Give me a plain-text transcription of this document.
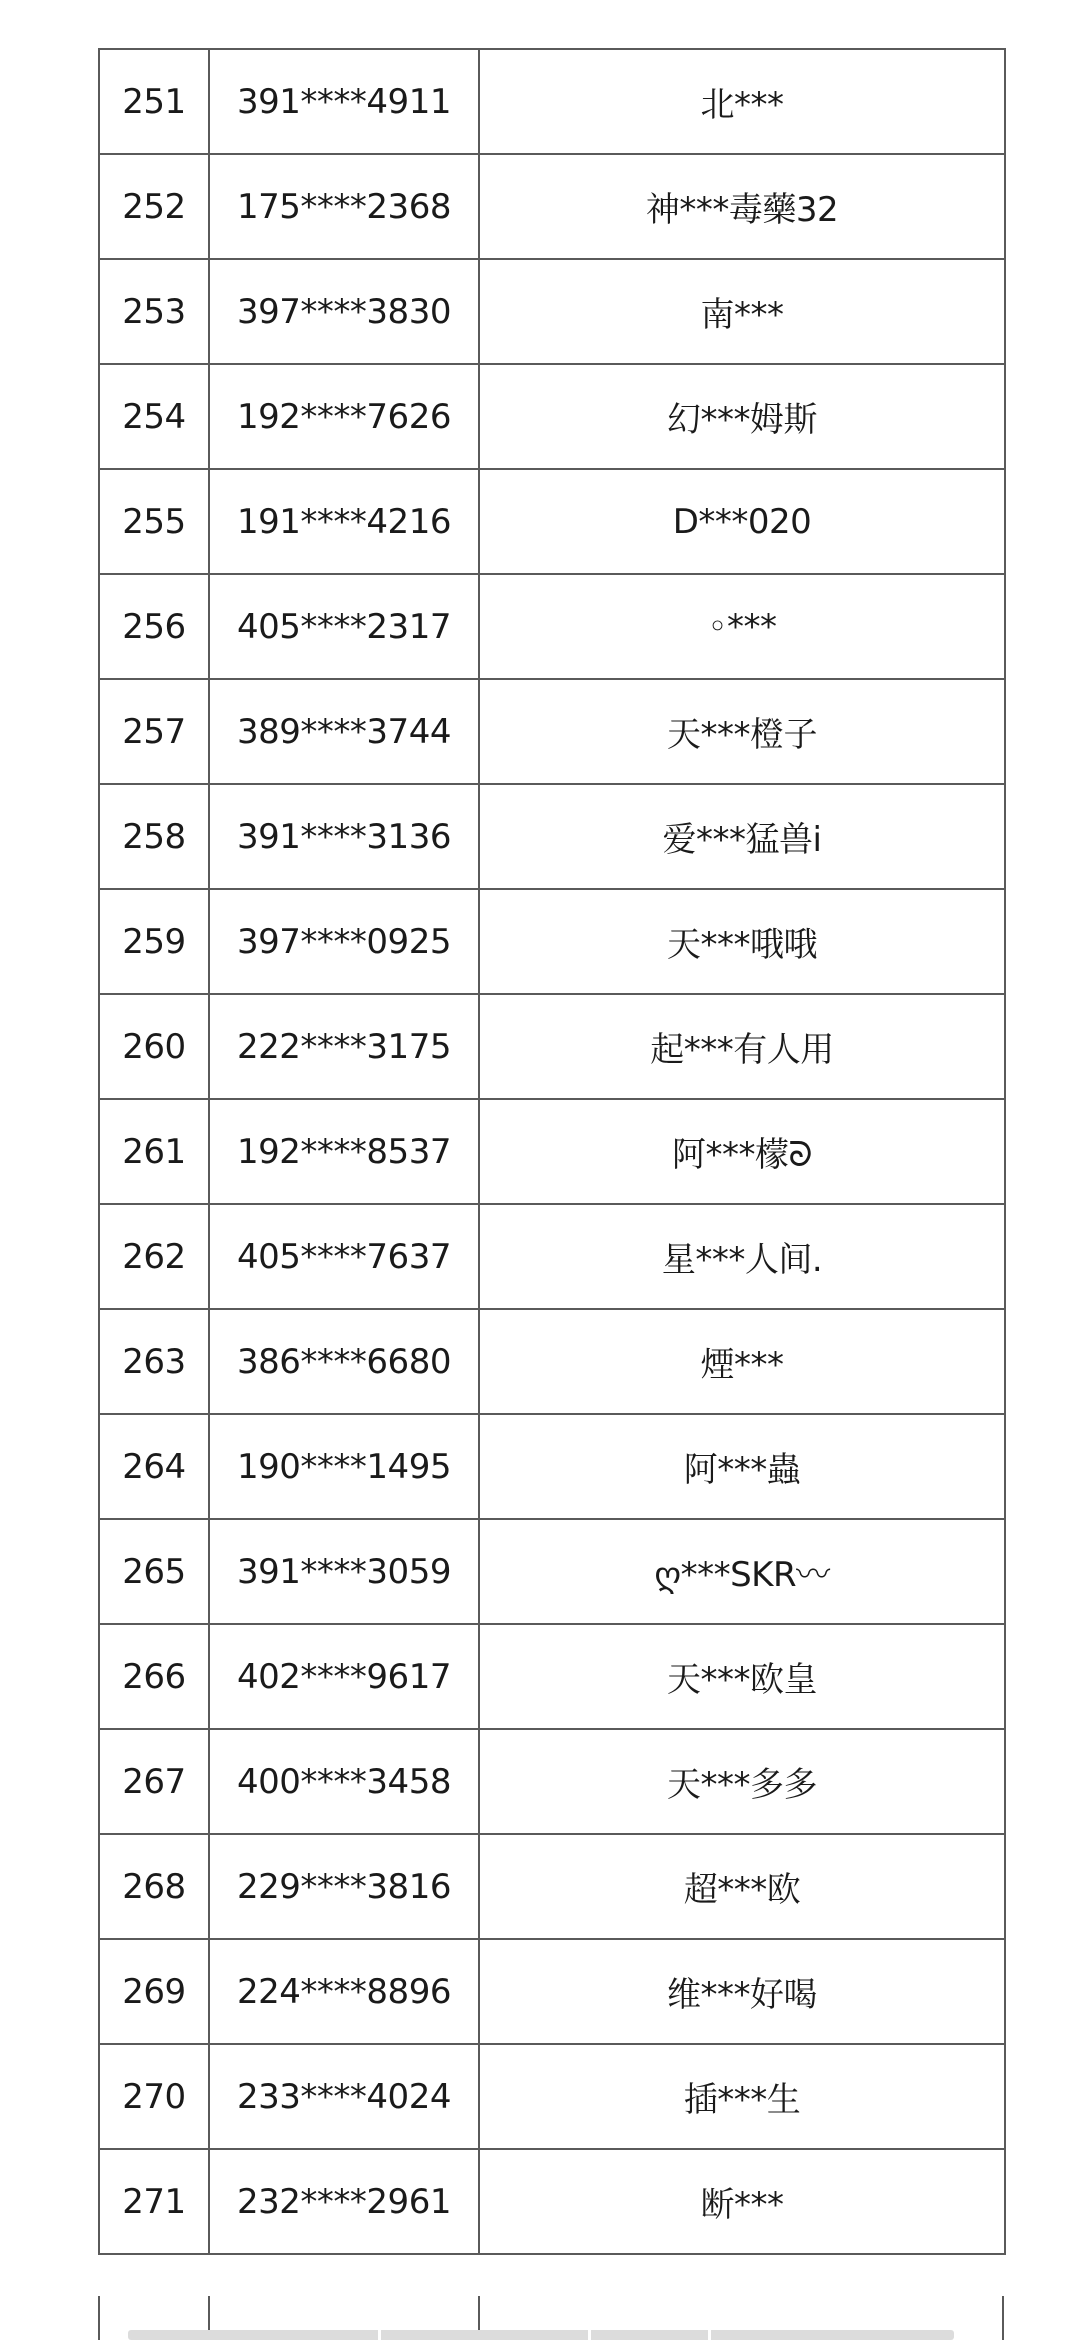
251	391****4911	北***
252	175****2368	神***毒藥32
253	397****3830	南***
254	192****7626	幻***姆斯
255	191****4216	D***020
256	405****2317	◦***
257	389****3744	天***橙子
258	391****3136	爱***猛兽i
259	397****0925	天***哦哦
260	222****3175	起***有人用
261	192****8537	阿***檬ᘐ
262	405****7637	星***人间.
263	386****6680	煙***
264	190****1495	阿***蟲
265	391****3059	ღ***SKR〰
266	402****9617	天***欧皇
267	400****3458	天***多多
268	229****3816	超***欧
269	224****8896	维***好喝
270	233****4024	插***生
271	232****2961	断***
